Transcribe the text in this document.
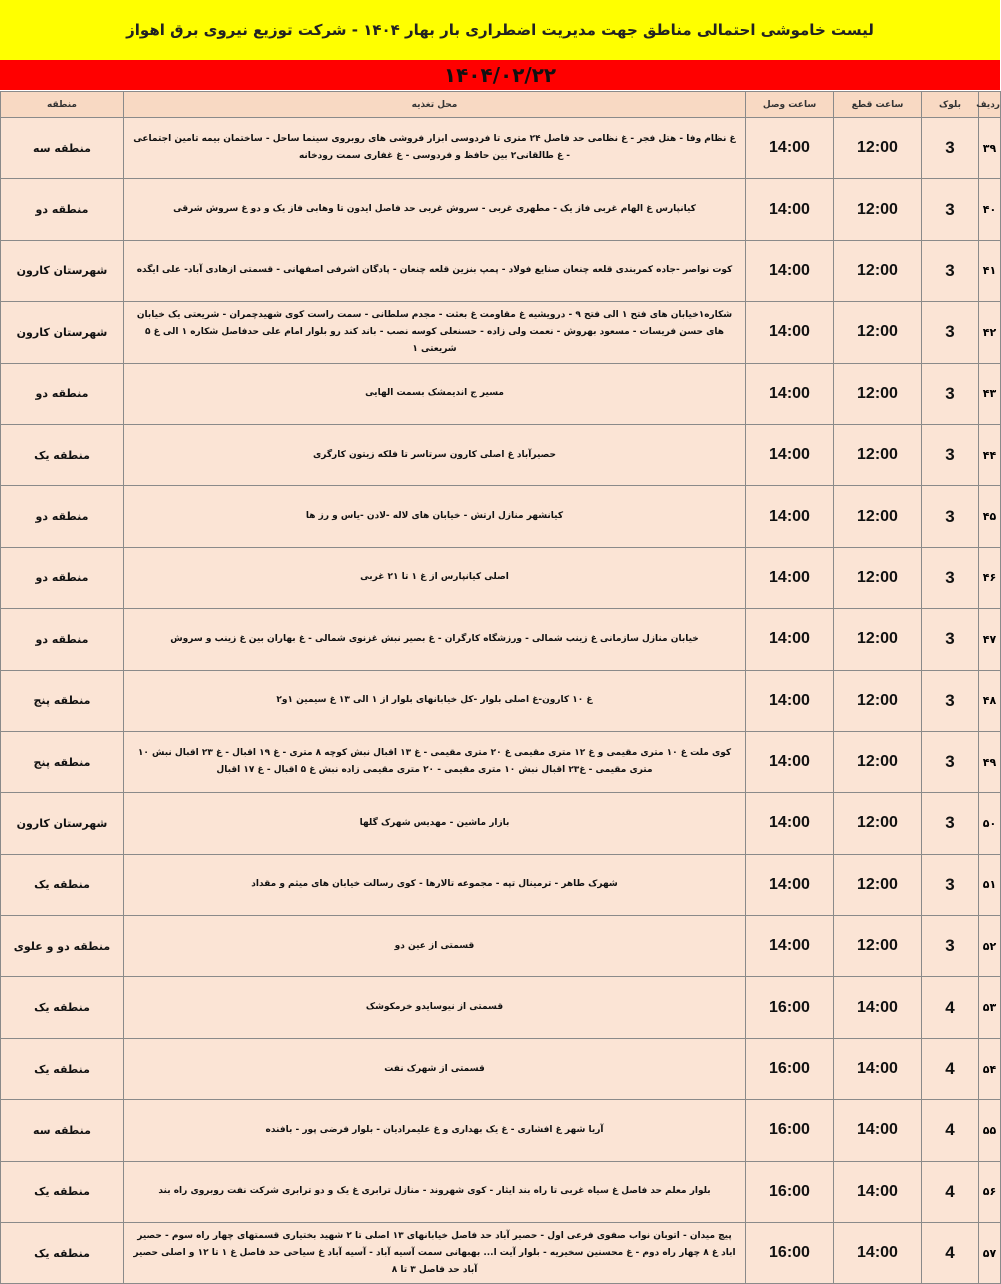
لیست خاموشی احتمالی مناطق جهت مدیریت اضطراری بار بهار ۱۴۰۴ - شرکت توزیع نیروی برق اهواز
۱۴۰۴/۰۲/۲۲
ردیف	بلوک	ساعت قطع	ساعت وصل	محل تغذیه	منطقه
۳۹	3	12:00	14:00	غ نظام وفا - هتل فجر - غ نظامی حد فاصل ۲۴ متری تا فردوسی ابزار فروشی های روبروی سینما ساحل - ساختمان بیمه تامین اجتماعی - غ طالقانی۲ بین حافظ و فردوسی - غ غفاری سمت رودخانه	منطقه سه
۴۰	3	12:00	14:00	کیانپارس غ الهام غربی فاز یک - مطهری غربی - سروش غربی حد فاصل ایدون تا وهابی فاز یک و دو غ سروش شرقی	منطقه دو
۴۱	3	12:00	14:00	کوت نواصر -جاده کمربندی قلعه چنعان صنایع فولاد - پمپ بنزین قلعه چنعان - پادگان اشرفی اصفهانی - قسمتی ازهادی آباد- علی ایگده	شهرستان کارون
۴۲	3	12:00	14:00	شکاره۱خیابان های فتح ۱ الی فتح ۹ - درویشیه غ مقاومت غ بعثت - مجدم سلطانی - سمت راست کوی شهیدچمران - شریعتی یک خیابان های حسن فریسات - مسعود بهروش - نعمت ولی زاده - حسنعلی کوسه نصب - باند کند رو بلوار امام علی حدفاصل شکاره ۱ الی غ ۵ شریعتی ۱	شهرستان کارون
۴۳	3	12:00	14:00	مسیر ج اندیمشک بسمت الهایی	منطقه دو
۴۴	3	12:00	14:00	حصیرآباد غ اصلی کارون سرتاسر تا فلکه زیتون کارگری	منطقه یک
۴۵	3	12:00	14:00	کیانشهر منازل ارتش - خیابان های لاله -لادن -یاس و رز ها	منطقه دو
۴۶	3	12:00	14:00	اصلی کیانپارس از غ ۱ تا ۲۱ غربی	منطقه دو
۴۷	3	12:00	14:00	خیابان منازل سازمانی غ زینب شمالی - ورزشگاه کارگران - غ بصیر نبش غزنوی شمالی - غ بهاران بین غ زینب و سروش	منطقه دو
۴۸	3	12:00	14:00	غ ۱۰ کارون-غ اصلی بلوار -کل خیابانهای بلوار از ۱ الی ۱۳ غ سیمین ۱و۲	منطقه پنج
۴۹	3	12:00	14:00	کوی ملت غ ۱۰ متری مقیمی و غ ۱۲ متری مقیمی غ ۲۰ متری مقیمی - غ ۱۳ اقبال نبش کوچه ۸ متری - غ ۱۹ اقبال - غ ۲۳ اقبال نبش ۱۰ متری مقیمی - غ۲۳ اقبال نبش ۱۰ متری مقیمی - ۲۰ متری مقیمی زاده نبش غ ۵ اقبال - غ ۱۷ اقبال	منطقه پنج
۵۰	3	12:00	14:00	بازار ماشین - مهدیس شهرک گلها	شهرستان کارون
۵۱	3	12:00	14:00	شهرک طاهر - ترمینال تپه - مجموعه تالارها - کوی رسالت خیابان های میثم و مقداد	منطقه یک
۵۲	3	12:00	14:00	قسمتی از عین دو	منطقه دو و علوی
۵۳	4	14:00	16:00	قسمتی از نیوسایدو خرمکوشک	منطقه یک
۵۴	4	14:00	16:00	قسمتی از شهرک نفت	منطقه یک
۵۵	4	14:00	16:00	آریا شهر غ افشاری - غ یک بهداری و غ علیمرادیان - بلوار فرضی پور - بافنده	منطقه سه
۵۶	4	14:00	16:00	بلوار معلم حد فاصل غ سیاه غربی تا راه بند ایثار - کوی شهروند - منازل ترابری غ یک و دو ترابری شرکت نفت روبروی راه بند	منطقه یک
۵۷	4	14:00	16:00	پیچ میدان - اتوبان نواب صفوی فرعی اول - حصیر آباد حد فاصل خیابانهای ۱۳ اصلی تا ۲ شهید بختیاری قسمتهای چهار راه سوم - حصیر اباد غ ۸ چهار راه دوم - غ محسنین سخیریه - بلوار آیت ا... بهبهانی سمت آسیه آباد - آسیه آباد غ سیاحی حد فاصل غ ۱ تا ۱۲ و اصلی حصیر آباد حد فاصل ۳ تا ۸	منطقه یک
